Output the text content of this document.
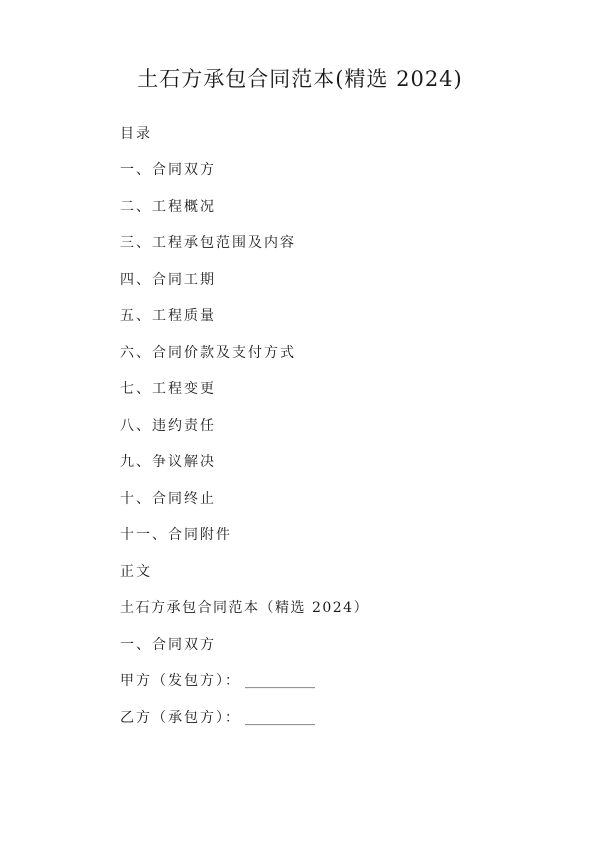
土石方承包合同范本(精选 2024)
目录
一、合同双方
二、工程概况
三、工程承包范围及内容
四、合同工期
五、工程质量
六、合同价款及支付方式
七、工程变更
八、违约责任
九、争议解决
十、合同终止
十一、合同附件
正文
土石方承包合同范本（精选 2024）
一、合同双方
甲方（发包方）： __________
乙方（承包方）： __________
